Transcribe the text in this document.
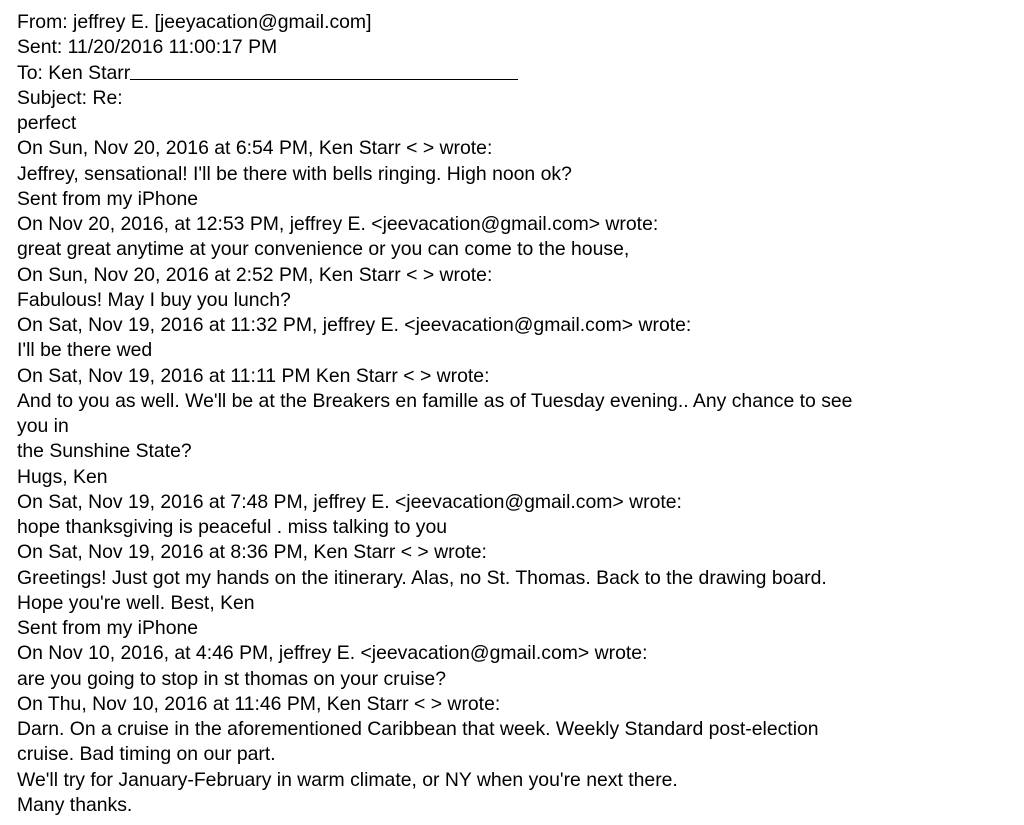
From: jeffrey E. [jeeyacation@gmail.com]
Sent: 11/20/2016 11:00:17 PM
To: Ken Starr
Subject: Re:
perfect
On Sun, Nov 20, 2016 at 6:54 PM, Ken Starr < > wrote:
Jeffrey, sensational! I'll be there with bells ringing. High noon ok?
Sent from my iPhone
On Nov 20, 2016, at 12:53 PM, jeffrey E. <jeevacation@gmail.com> wrote:
great great anytime at your convenience or you can come to the house,
On Sun, Nov 20, 2016 at 2:52 PM, Ken Starr < > wrote:
Fabulous! May I buy you lunch?
On Sat, Nov 19, 2016 at 11:32 PM, jeffrey E. <jeevacation@gmail.com> wrote:
I'll be there wed
On Sat, Nov 19, 2016 at 11:11 PM Ken Starr < > wrote:
And to you as well. We'll be at the Breakers en famille as of Tuesday evening.. Any chance to see
you in
the Sunshine State?
Hugs, Ken
On Sat, Nov 19, 2016 at 7:48 PM, jeffrey E. <jeevacation@gmail.com> wrote:
hope thanksgiving is peaceful . miss talking to you
On Sat, Nov 19, 2016 at 8:36 PM, Ken Starr < > wrote:
Greetings! Just got my hands on the itinerary. Alas, no St. Thomas. Back to the drawing board.
Hope you're well. Best, Ken
Sent from my iPhone
On Nov 10, 2016, at 4:46 PM, jeffrey E. <jeevacation@gmail.com> wrote:
are you going to stop in st thomas on your cruise?
On Thu, Nov 10, 2016 at 11:46 PM, Ken Starr < > wrote:
Darn. On a cruise in the aforementioned Caribbean that week. Weekly Standard post-election
cruise. Bad timing on our part.
We'll try for January-February in warm climate, or NY when you're next there.
Many thanks.
